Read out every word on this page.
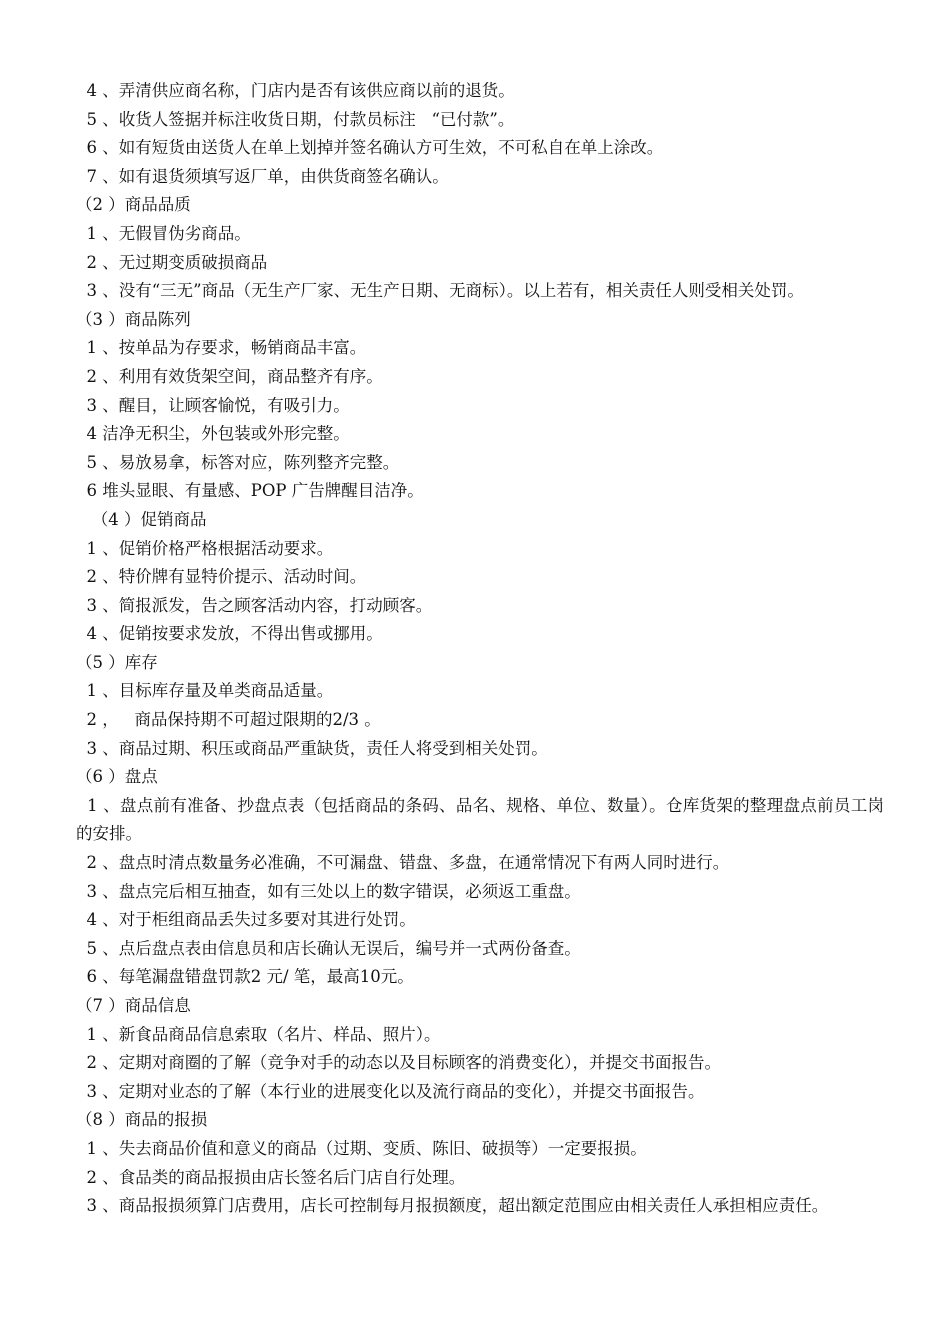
4 、弄清供应商名称，门店内是否有该供应商以前的退货。
5 、收货人签据并标注收货日期，付款员标注   “已付款”。
6 、如有短货由送货人在单上划掉并签名确认方可生效，不可私自在单上涂改。
7 、如有退货须填写返厂单，由供货商签名确认。
（2 ）商品品质
1 、无假冒伪劣商品。
2 、无过期变质破损商品
3 、没有“三无”商品（无生产厂家、无生产日期、无商标）。以上若有，相关责任人则受相关处罚。
（3 ）商品陈列
1 、按单品为存要求，畅销商品丰富。
2 、利用有效货架空间，商品整齐有序。
3 、醒目，让顾客愉悦，有吸引力。
4 洁净无积尘，外包装或外形完整。
5 、易放易拿，标答对应，陈列整齐完整。
6 堆头显眼、有量感、POP 广告牌醒目洁净。
（4 ）促销商品
1 、促销价格严格根据活动要求。
2 、特价牌有显特价提示、活动时间。
3 、简报派发，告之顾客活动内容，打动顾客。
4 、促销按要求发放，不得出售或挪用。
（5 ）库存
1 、目标库存量及单类商品适量。
2 ，   商品保持期不可超过限期的2/3 。
3 、商品过期、积压或商品严重缺货，责任人将受到相关处罚。
（6 ）盘点
1 、盘点前有准备、抄盘点表（包括商品的条码、品名、规格、单位、数量）。仓库货架的整理盘点前员工岗的安排。
2 、盘点时清点数量务必准确，不可漏盘、错盘、多盘，在通常情况下有两人同时进行。
3 、盘点完后相互抽查，如有三处以上的数字错误，必须返工重盘。
4 、对于柜组商品丢失过多要对其进行处罚。
5 、点后盘点表由信息员和店长确认无误后，编号并一式两份备查。
6 、每笔漏盘错盘罚款2 元/ 笔，最高10元。
（7 ）商品信息
1 、新食品商品信息索取（名片、样品、照片）。
2 、定期对商圈的了解（竞争对手的动态以及目标顾客的消费变化），并提交书面报告。
3 、定期对业态的了解（本行业的进展变化以及流行商品的变化），并提交书面报告。
（8 ）商品的报损
1 、失去商品价值和意义的商品（过期、变质、陈旧、破损等）一定要报损。
2 、食品类的商品报损由店长签名后门店自行处理。
3 、商品报损须算门店费用，店长可控制每月报损额度，超出额定范围应由相关责任人承担相应责任。
